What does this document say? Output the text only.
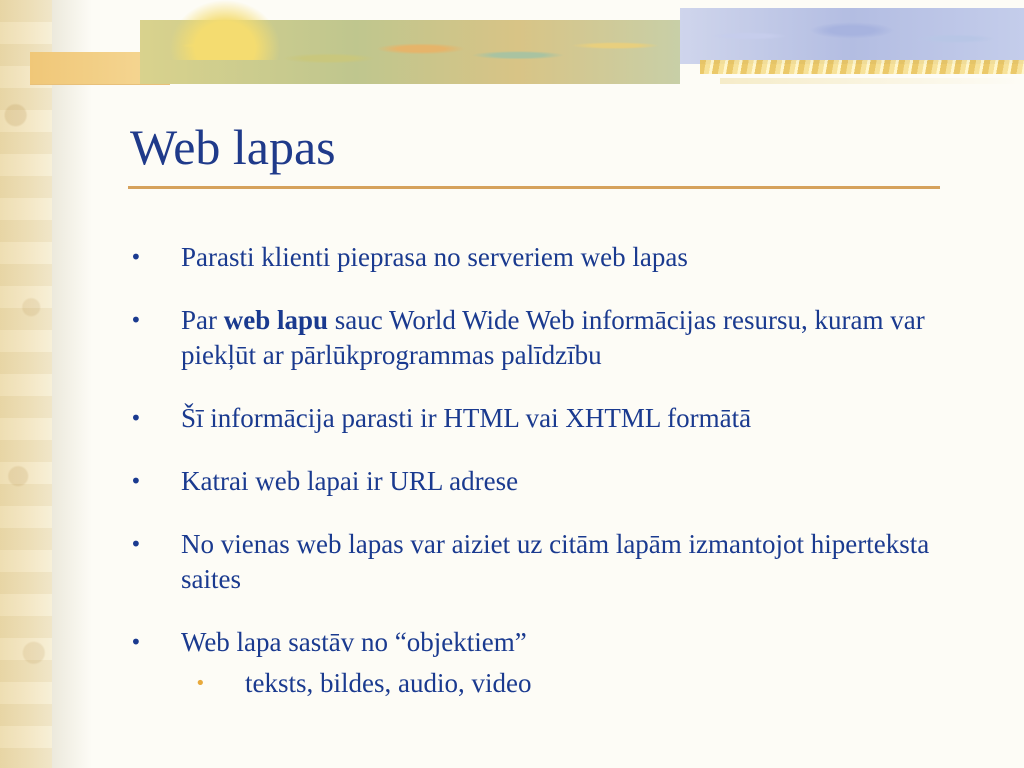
Web lapas
•	Parasti klienti pieprasa no serveriem web lapas
•	Par web lapu sauc World Wide Web informācijas resursu, kuram var piekļūt ar pārlūkprogrammas palīdzību
•	Šī informācija parasti ir HTML vai XHTML formātā
•	Katrai web lapai ir URL adrese
•	No vienas web lapas var aiziet uz citām lapām izmantojot hiperteksta saites
•	Web lapa sastāv no “objektiem”
• teksts, bildes, audio, video
